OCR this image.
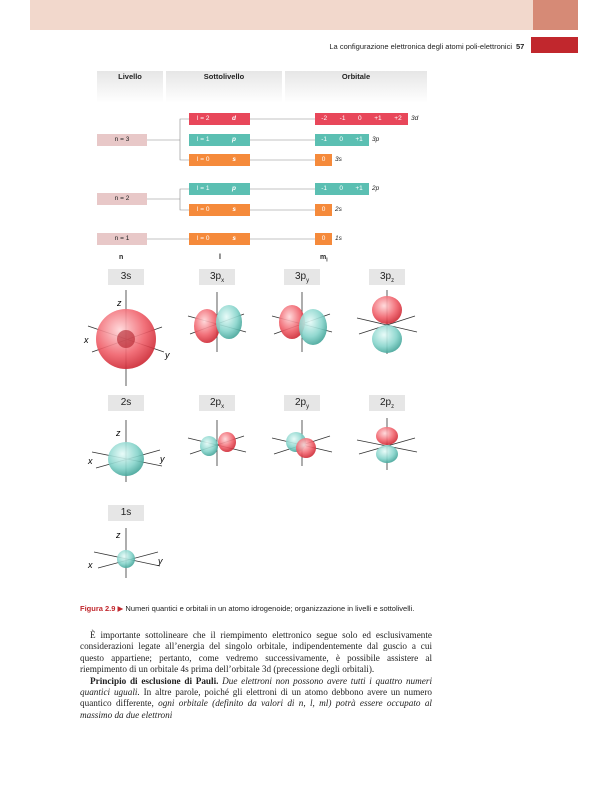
La configurazione elettronica degli atomi poli-elettronici 57
Livello	Sottolivello	Orbitale
n = 3
l = 2	d	-2 -1 0 +1 +2 3d
l = 1	p	-1 0 +1 3p
l = 0	s	0 3s
n = 2
l = 1	p	-1 0 +1 2p
l = 0	s	0 2s
n = 1	l = 0	s	0 1s
n	l	$m_l$
3s	$3p_x$	$3p_y$	$3p_z$
2s	$2p_x$	$2p_y$	$2p_z$
1s
z
x
y
z
x	y
z
x	y
Figura 2.9 ▶ Numeri quantici e orbitali in un atomo idrogenoide; organizzazione in livelli e sottolivelli.

È importante sottolineare che il riempimento elettronico segue solo ed esclusivamente considerazioni legate all’energia del singolo orbitale, indipendentemente dal guscio a cui questo appartiene; pertanto, come vedremo successivamente, è possibile assistere al riempimento di un orbitale 4s prima dell’orbitale 3d (precessione degli orbitali).

Principio di esclusione di Pauli. Due elettroni non possono avere tutti i quattro numeri quantici uguali. In altre parole, poiché gli elettroni di un atomo debbono avere un numero quantico differente, ogni orbitale (definito da valori di n, l, ml) potrà essere occupato al massimo da due elettroni
